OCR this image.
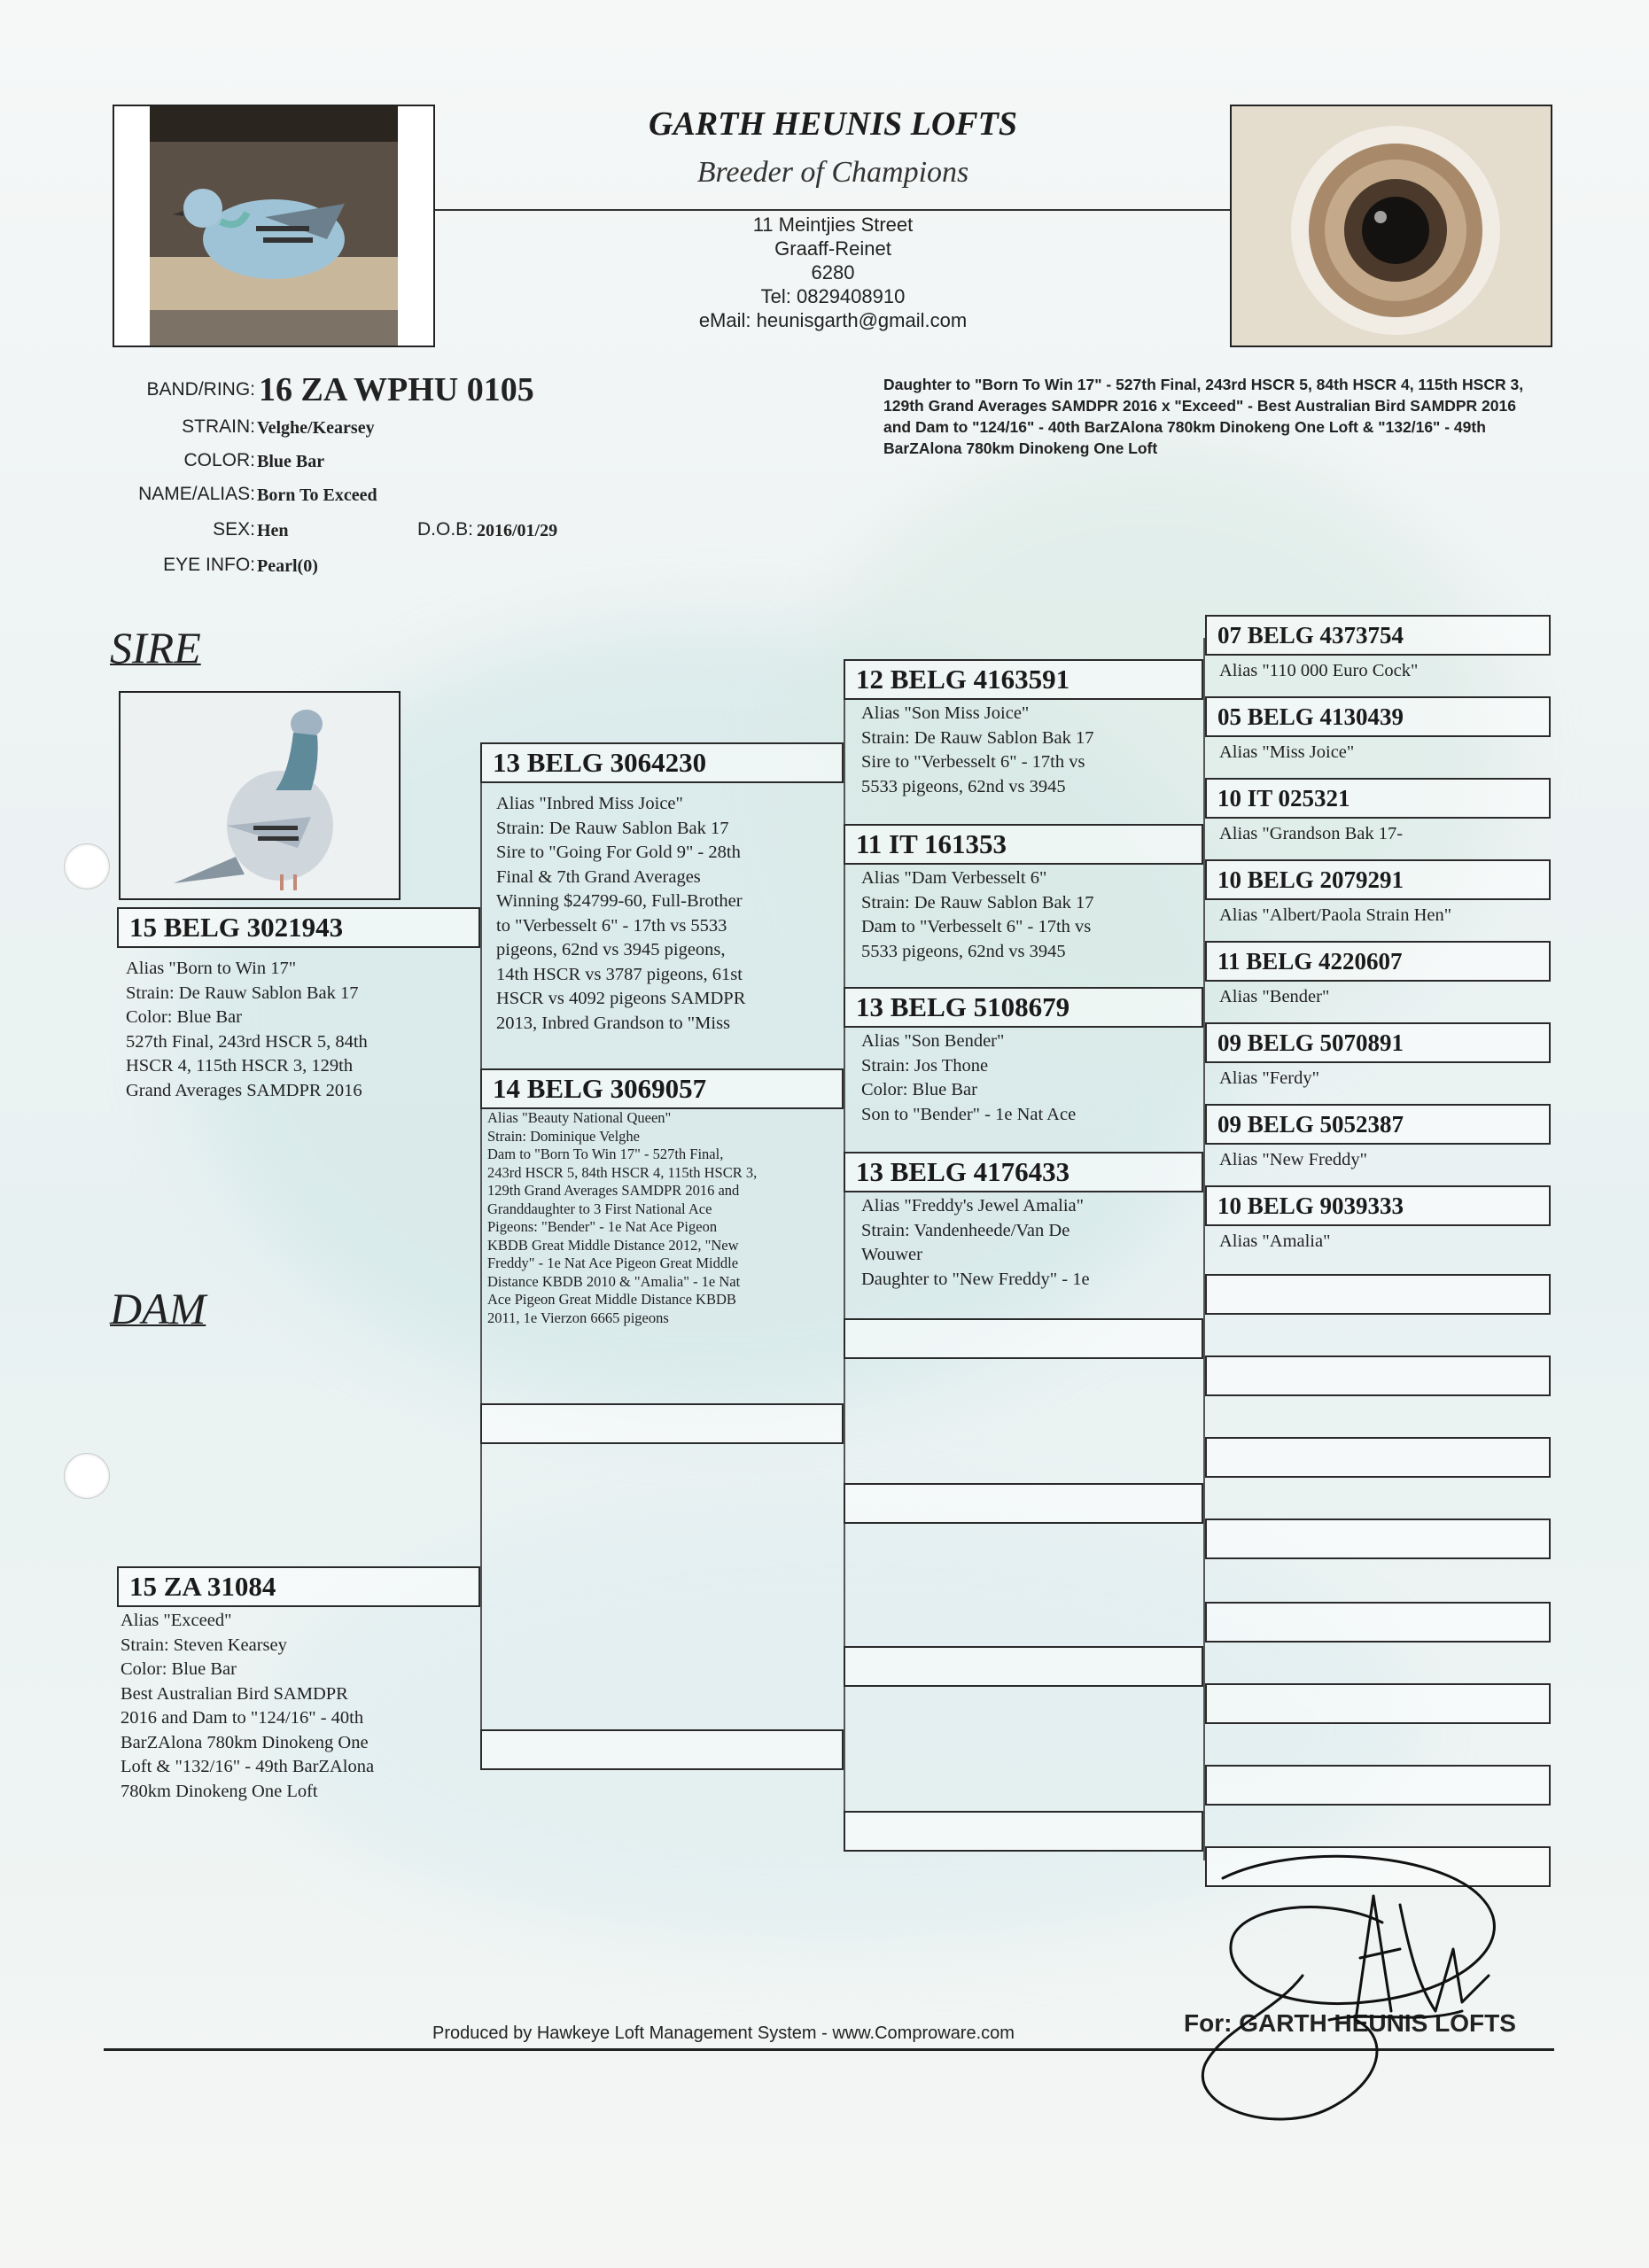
GARTH HEUNIS LOFTS
Breeder of Champions
11 Meintjies Street
Graaff-Reinet
6280
Tel: 0829408910
eMail: heunisgarth@gmail.com
BAND/RING: 16 ZA WPHU 0105
STRAIN: Velghe/Kearsey
COLOR: Blue Bar
NAME/ALIAS: Born To Exceed
SEX: Hen	D.O.B: 2016/01/29
EYE INFO: Pearl(0)
Daughter to "Born To Win 17" - 527th Final, 243rd HSCR 5, 84th HSCR 4, 115th HSCR 3, 129th Grand Averages SAMDPR 2016 x "Exceed" - Best Australian Bird SAMDPR 2016 and Dam to "124/16" - 40th BarZAlona 780km Dinokeng One Loft & "132/16" - 49th BarZAlona 780km Dinokeng One Loft
SIRE
DAM
15 BELG 3021943
Alias "Born to Win 17"
Strain: De Rauw Sablon Bak 17
Color: Blue Bar
527th Final, 243rd HSCR 5, 84th
HSCR 4, 115th HSCR 3, 129th
Grand Averages SAMDPR 2016
15 ZA 31084
Alias "Exceed"
Strain: Steven Kearsey
Color: Blue Bar
Best Australian Bird SAMDPR
2016 and Dam to "124/16" - 40th
BarZAlona 780km Dinokeng One
Loft & "132/16" - 49th BarZAlona
780km Dinokeng One Loft
13 BELG 3064230
Alias "Inbred Miss Joice"
Strain: De Rauw Sablon Bak 17
Sire to "Going For Gold 9" - 28th
Final & 7th Grand Averages
Winning $24799-60, Full-Brother
to "Verbesselt 6" - 17th vs 5533
pigeons, 62nd vs 3945 pigeons,
14th HSCR vs 3787 pigeons, 61st
HSCR vs 4092 pigeons SAMDPR
2013, Inbred Grandson to "Miss
14 BELG 3069057
Alias "Beauty National Queen"
Strain: Dominique Velghe
Dam to "Born To Win 17" - 527th Final,
243rd HSCR 5, 84th HSCR 4, 115th HSCR 3,
129th Grand Averages SAMDPR 2016 and
Granddaughter to 3 First National Ace
Pigeons: "Bender" - 1e Nat Ace Pigeon
KBDB Great Middle Distance 2012, "New
Freddy" - 1e Nat Ace Pigeon Great Middle
Distance KBDB 2010 & "Amalia" - 1e Nat
Ace Pigeon Great Middle Distance KBDB
2011, 1e Vierzon 6665 pigeons
12 BELG 4163591
Alias "Son Miss Joice"
Strain: De Rauw Sablon Bak 17
Sire to "Verbesselt 6" - 17th vs
5533 pigeons, 62nd vs 3945
11 IT 161353
Alias "Dam Verbesselt 6"
Strain: De Rauw Sablon Bak 17
Dam to "Verbesselt 6" - 17th vs
5533 pigeons, 62nd vs 3945
13 BELG 5108679
Alias "Son Bender"
Strain: Jos Thone
Color: Blue Bar
Son to "Bender" - 1e Nat Ace
13 BELG 4176433
Alias "Freddy's Jewel Amalia"
Strain: Vandenheede/Van De
Wouwer
Daughter to "New Freddy" - 1e
07 BELG 4373754
Alias "110 000 Euro Cock"
05 BELG 4130439
Alias "Miss Joice"
10 IT 025321
Alias "Grandson Bak 17-
10 BELG 2079291
Alias "Albert/Paola Strain Hen"
11 BELG 4220607
Alias "Bender"
09 BELG 5070891
Alias "Ferdy"
09 BELG 5052387
Alias "New Freddy"
10 BELG 9039333
Alias "Amalia"
Produced by Hawkeye Loft Management System - www.Comproware.com	For: GARTH HEUNIS LOFTS
